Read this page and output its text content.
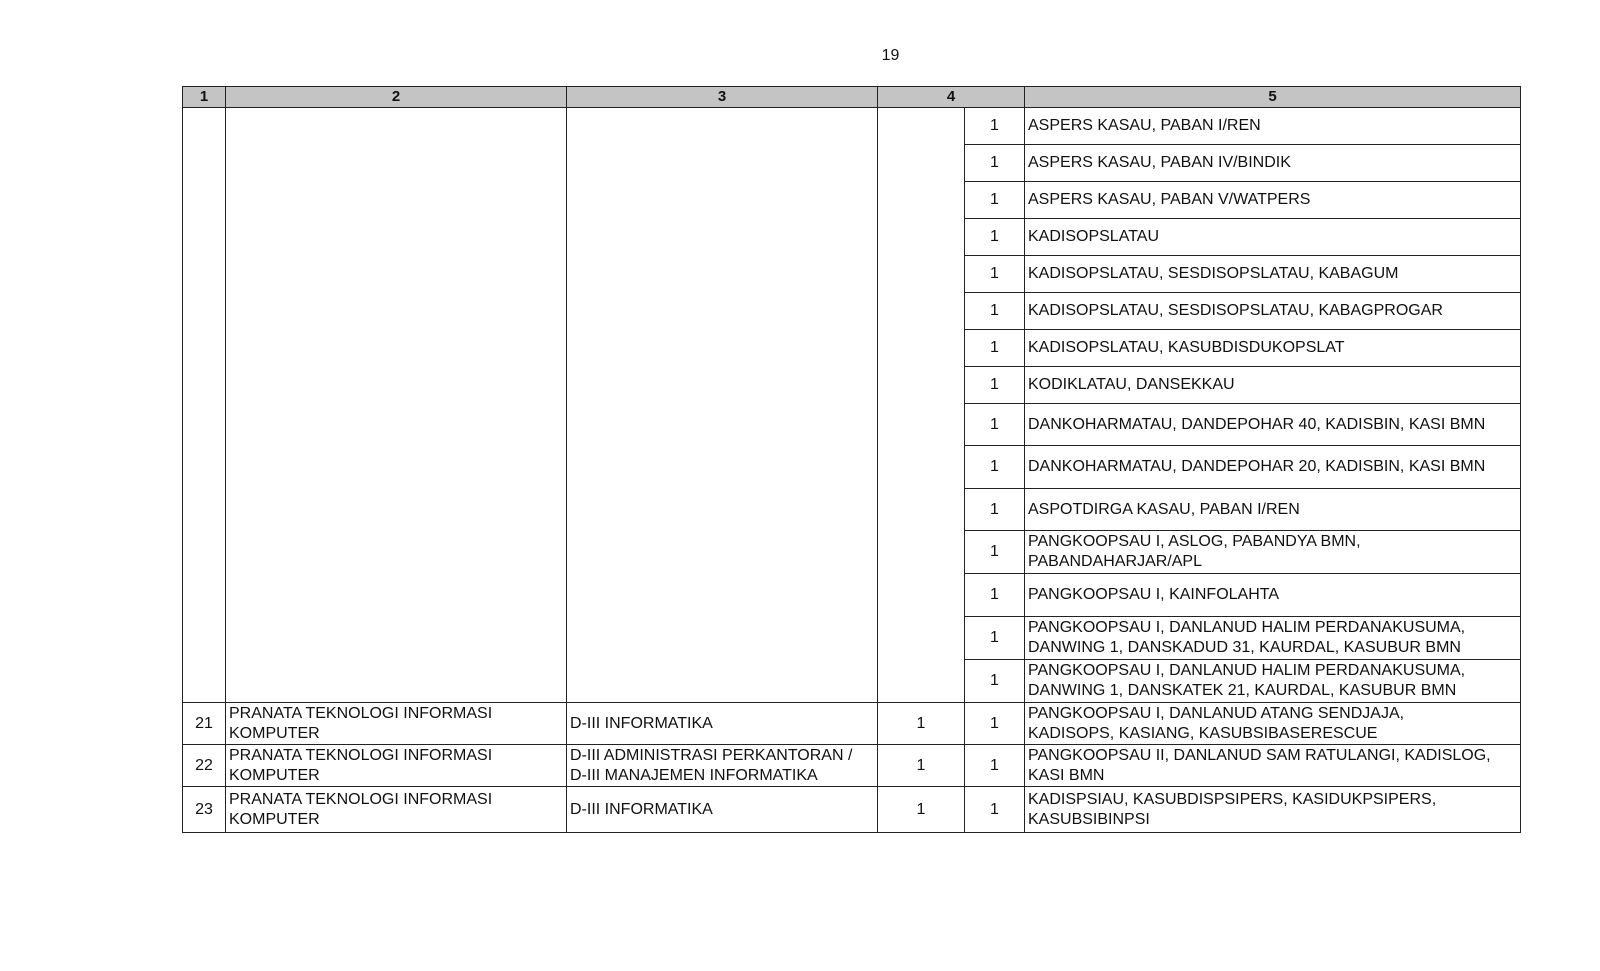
19
1	2	3	4		5
				1	ASPERS KASAU, PABAN I/REN
				1	ASPERS KASAU, PABAN IV/BINDIK
				1	ASPERS KASAU, PABAN V/WATPERS
				1	KADISOPSLATAU
				1	KADISOPSLATAU, SESDISOPSLATAU, KABAGUM
				1	KADISOPSLATAU, SESDISOPSLATAU, KABAGPROGAR
				1	KADISOPSLATAU, KASUBDISDUKOPSLAT
				1	KODIKLATAU, DANSEKKAU
				1	DANKOHARMATAU, DANDEPOHAR 40, KADISBIN, KASI BMN
				1	DANKOHARMATAU, DANDEPOHAR 20, KADISBIN, KASI BMN
				1	ASPOTDIRGA KASAU, PABAN I/REN
				1	PANGKOOPSAU I, ASLOG, PABANDYA BMN,
PABANDAHARJAR/APL
				1	PANGKOOPSAU I, KAINFOLAHTA
				1	PANGKOOPSAU I, DANLANUD HALIM PERDANAKUSUMA,
DANWING 1, DANSKADUD 31, KAURDAL, KASUBUR BMN
				1	PANGKOOPSAU I, DANLANUD HALIM PERDANAKUSUMA,
DANWING 1, DANSKATEK 21, KAURDAL, KASUBUR BMN
21	PRANATA TEKNOLOGI INFORMASI
KOMPUTER	D-III INFORMATIKA	1	1	PANGKOOPSAU I, DANLANUD ATANG SENDJAJA,
KADISOPS, KASIANG, KASUBSIBASERESCUE
22	PRANATA TEKNOLOGI INFORMASI
KOMPUTER	D-III ADMINISTRASI PERKANTORAN /
D-III MANAJEMEN INFORMATIKA	1	1	PANGKOOPSAU II, DANLANUD SAM RATULANGI, KADISLOG,
KASI BMN
23	PRANATA TEKNOLOGI INFORMASI
KOMPUTER	D-III INFORMATIKA	1	1	KADISPSIAU, KASUBDISPSIPERS, KASIDUKPSIPERS,
KASUBSIBINPSI
